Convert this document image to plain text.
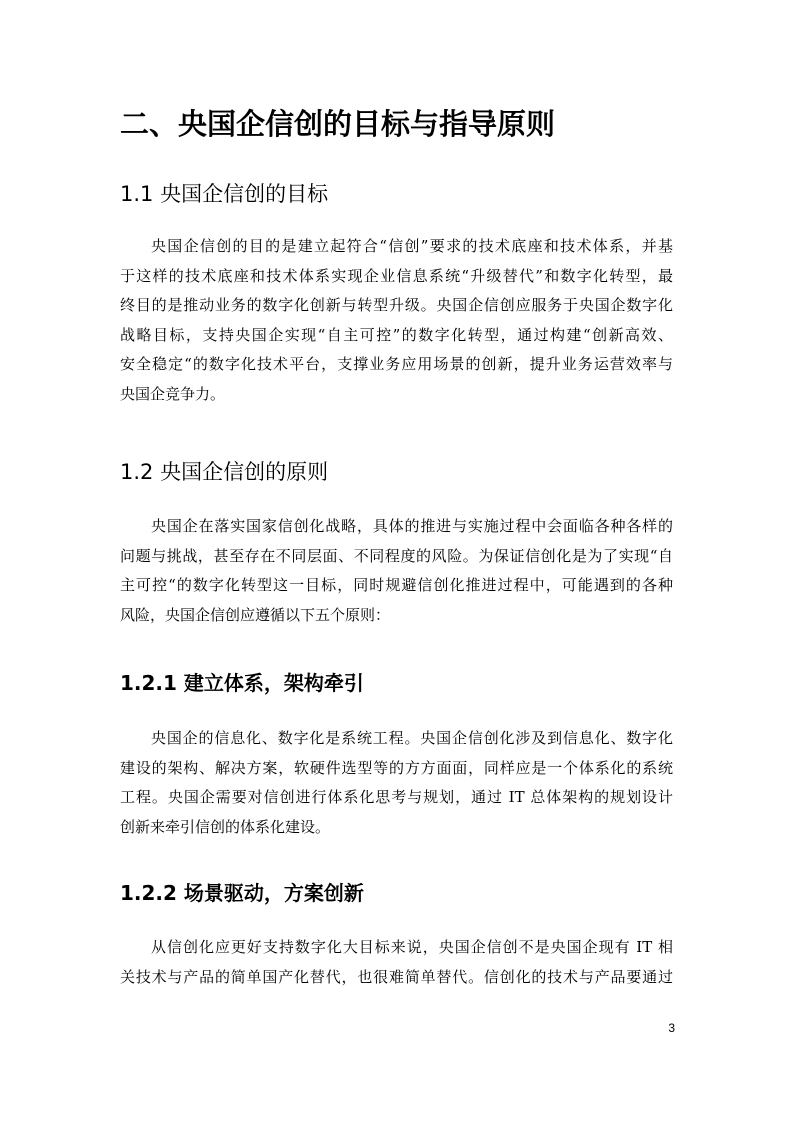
二、央国企信创的目标与指导原则
1.1 央国企信创的目标
央国企信创的目的是建立起符合“信创”要求的技术底座和技术体系，并基
于这样的技术底座和技术体系实现企业信息系统“升级替代”和数字化转型，最
终目的是推动业务的数字化创新与转型升级。央国企信创应服务于央国企数字化
战略目标，支持央国企实现“自主可控”的数字化转型，通过构建“创新高效、
安全稳定“的数字化技术平台，支撑业务应用场景的创新，提升业务运营效率与
央国企竞争力。
1.2 央国企信创的原则
央国企在落实国家信创化战略，具体的推进与实施过程中会面临各种各样的
问题与挑战，甚至存在不同层面、不同程度的风险。为保证信创化是为了实现“自
主可控“的数字化转型这一目标，同时规避信创化推进过程中，可能遇到的各种
风险，央国企信创应遵循以下五个原则：
1.2.1 建立体系，架构牵引
央国企的信息化、数字化是系统工程。央国企信创化涉及到信息化、数字化
建设的架构、解决方案，软硬件选型等的方方面面，同样应是一个体系化的系统
工程。央国企需要对信创进行体系化思考与规划，通过 IT 总体架构的规划设计
创新来牵引信创的体系化建设。
1.2.2 场景驱动，方案创新
从信创化应更好支持数字化大目标来说，央国企信创不是央国企现有 IT 相
关技术与产品的简单国产化替代，也很难简单替代。信创化的技术与产品要通过
3
